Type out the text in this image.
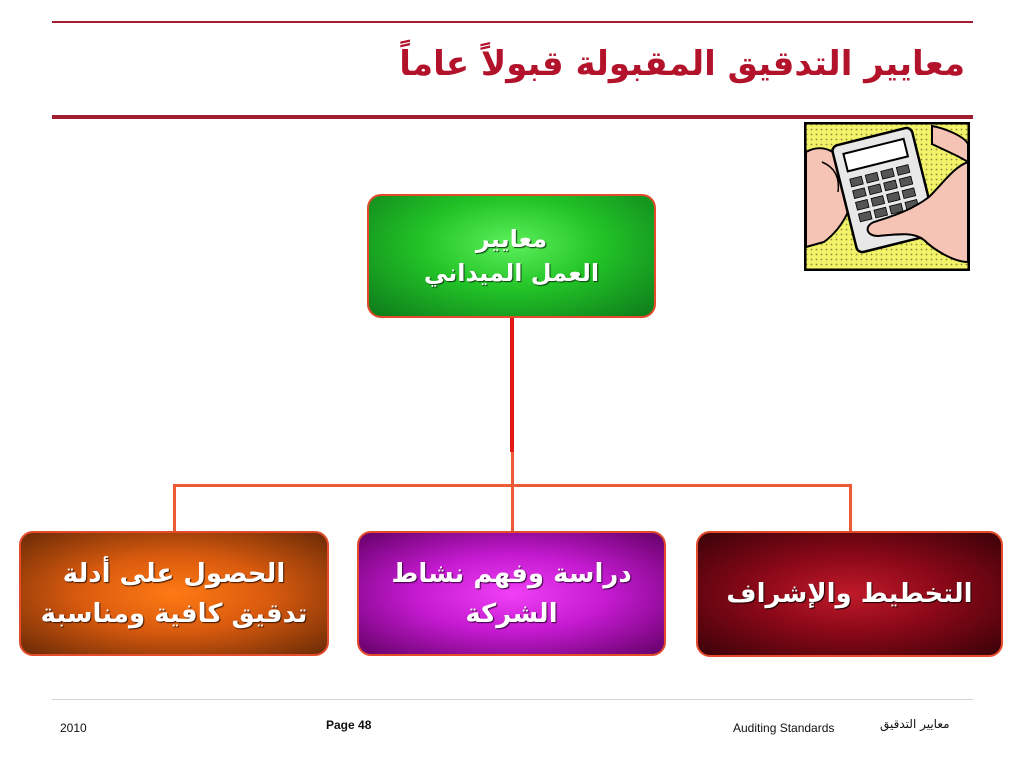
معايير التدقيق المقبولة قبولاً عاماً
معايير
العمل الميداني
التخطيط والإشراف
دراسة وفهم نشاط
الشركة
الحصول على أدلة
تدقيق كافية ومناسبة
2010	Page 48	Auditing Standards	معايير التدقيق
